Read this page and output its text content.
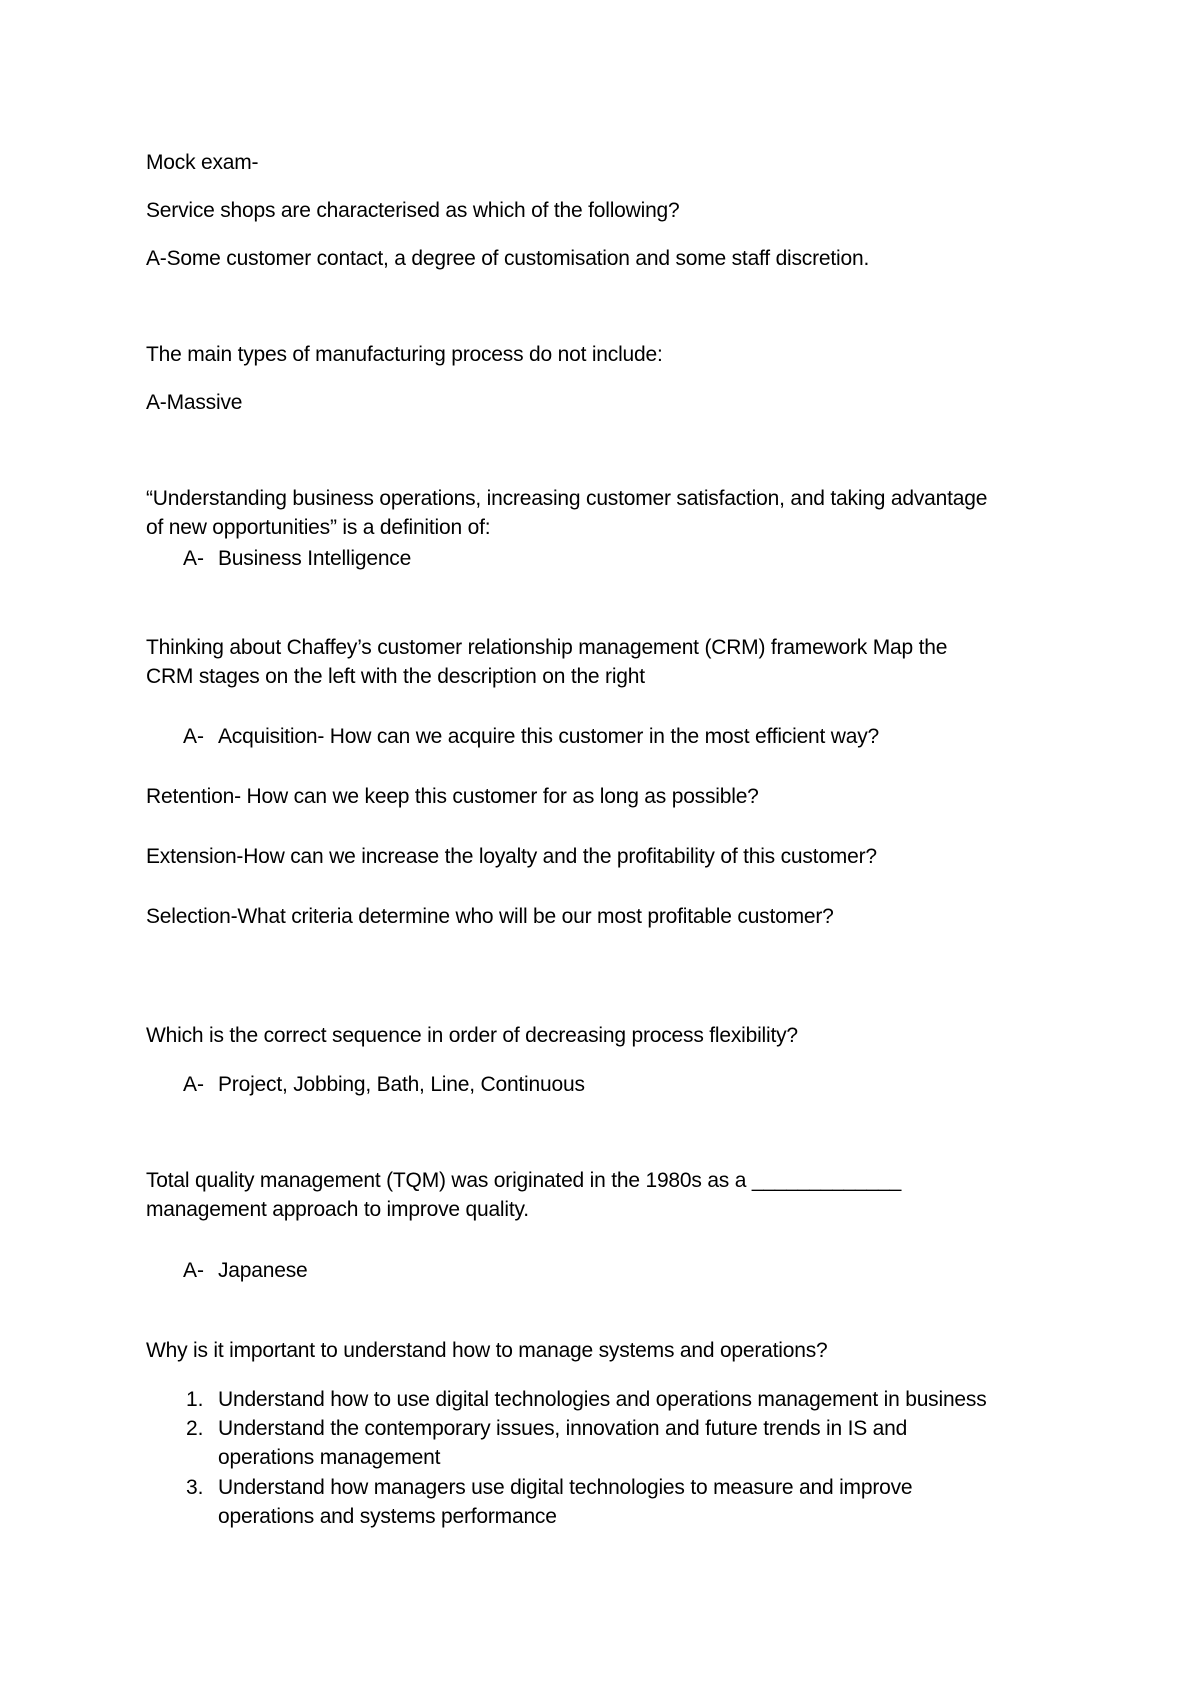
Mock exam-
Service shops are characterised as which of the following?
A-Some customer contact, a degree of customisation and some staff discretion.
The main types of manufacturing process do not include:
A-Massive
“Understanding business operations, increasing customer satisfaction, and taking advantage
of new opportunities” is a definition of:
A- Business Intelligence
Thinking about Chaffey’s customer relationship management (CRM) framework Map the
CRM stages on the left with the description on the right
A- Acquisition- How can we acquire this customer in the most efficient way?
Retention- How can we keep this customer for as long as possible?
Extension-How can we increase the loyalty and the profitability of this customer?
Selection-What criteria determine who will be our most profitable customer?
Which is the correct sequence in order of decreasing process flexibility?
A- Project, Jobbing, Bath, Line, Continuous
Total quality management (TQM) was originated in the 1980s as a _____________
management approach to improve quality.
A- Japanese
Why is it important to understand how to manage systems and operations?
1. Understand how to use digital technologies and operations management in business
2. Understand the contemporary issues, innovation and future trends in IS and
operations management
3. Understand how managers use digital technologies to measure and improve
operations and systems performance
